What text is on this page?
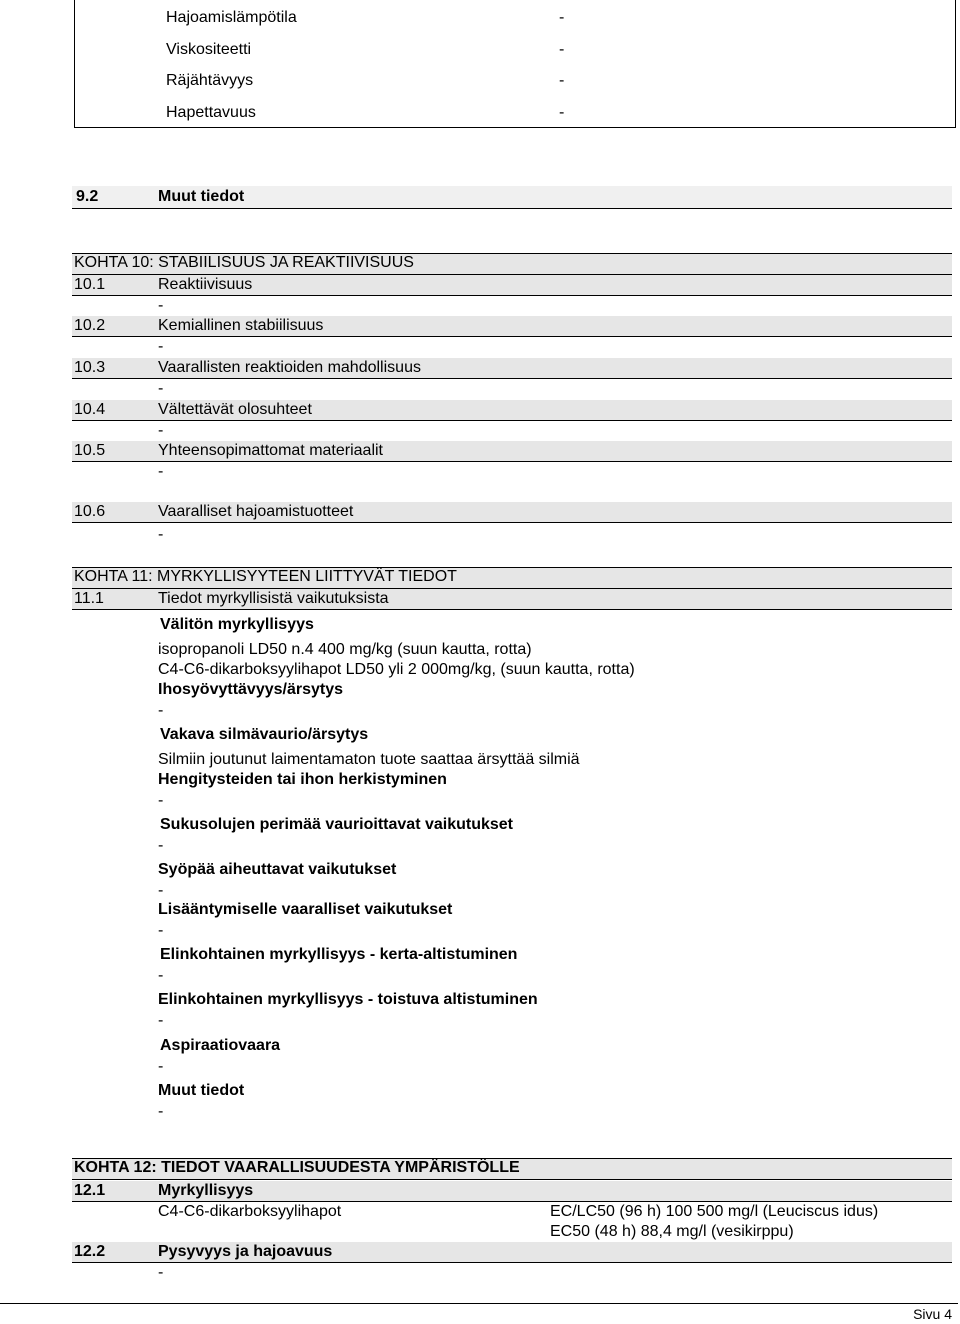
Hajoamislämpötila	-
Viskositeetti	-
Räjähtävyys	-
Hapettavuus	-
9.2	Muut tiedot
KOHTA 10: STABIILISUUS JA REAKTIIVISUUS
10.1	Reaktiivisuus
-
10.2	Kemiallinen stabiilisuus
-
10.3	Vaarallisten reaktioiden mahdollisuus
-
10.4	Vältettävät olosuhteet
-
10.5	Yhteensopimattomat materiaalit
-
10.6	Vaaralliset hajoamistuotteet
-
KOHTA 11: MYRKYLLISYYTEEN LIITTYVÄT TIEDOT
11.1	Tiedot myrkyllisistä vaikutuksista
Välitön myrkyllisyys
isopropanoli LD50 n.4 400 mg/kg (suun kautta, rotta)
C4-C6-dikarboksyylihapot LD50 yli 2 000mg/kg, (suun kautta, rotta)
Ihosyövyttävyys/ärsytys
-
Vakava silmävaurio/ärsytys
Silmiin joutunut laimentamaton tuote saattaa ärsyttää silmiä
Hengitysteiden tai ihon herkistyminen
-
Sukusolujen perimää vaurioittavat vaikutukset
-
Syöpää aiheuttavat vaikutukset
-
Lisääntymiselle vaaralliset vaikutukset
-
Elinkohtainen myrkyllisyys - kerta-altistuminen
-
Elinkohtainen myrkyllisyys - toistuva altistuminen
-
Aspiraatiovaara
-
Muut tiedot
-
KOHTA 12: TIEDOT VAARALLISUUDESTA YMPÄRISTÖLLE
12.1	Myrkyllisyys
C4-C6-dikarboksyylihapot	EC/LC50 (96 h) 100 500 mg/l (Leuciscus idus)
EC50 (48 h) 88,4 mg/l (vesikirppu)
12.2	Pysyvyys ja hajoavuus
-
Sivu 4
